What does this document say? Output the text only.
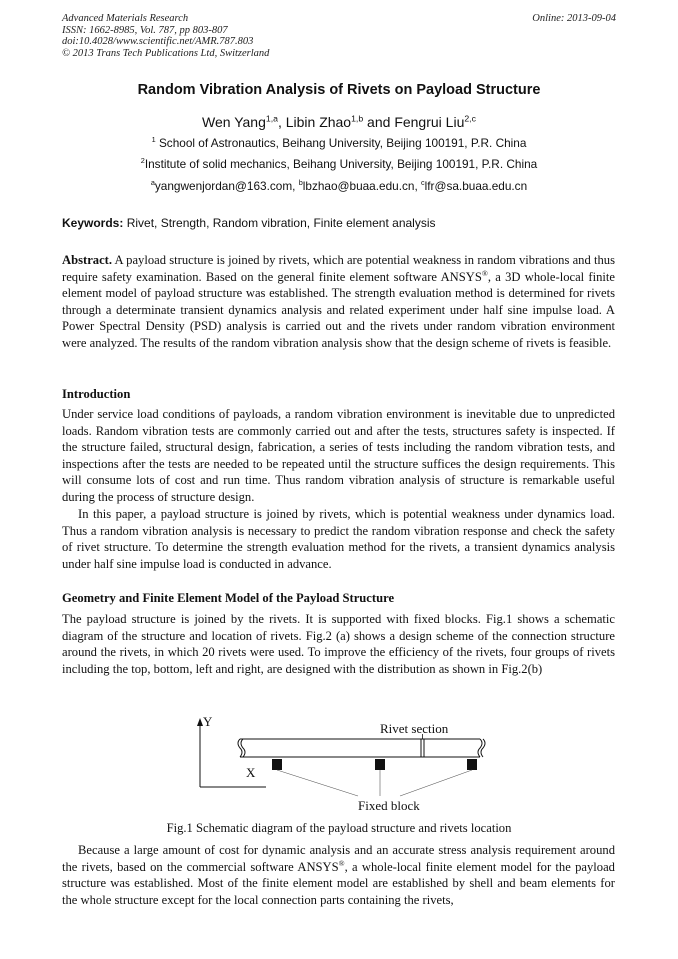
Advanced Materials Research
ISSN: 1662-8985, Vol. 787, pp 803-807
doi:10.4028/www.scientific.net/AMR.787.803
© 2013 Trans Tech Publications Ltd, Switzerland
Online: 2013-09-04
Random Vibration Analysis of Rivets on Payload Structure
Wen Yang$^{1,a}$, Libin Zhao$^{1,b}$ and Fengrui Liu$^{2,c}$
$^1$ School of Astronautics, Beihang University, Beijing 100191, P.R. China
$^2$Institute of solid mechanics, Beihang University, Beijing 100191, P.R. China
$^a$yangwenjordan@163.com, $^b$lbzhao@buaa.edu.cn, $^c$lfr@sa.buaa.edu.cn
Keywords: Rivet, Strength, Random vibration, Finite element analysis
Abstract. A payload structure is joined by rivets, which are potential weakness in random vibrations and thus require safety examination. Based on the general finite element software ANSYS®, a 3D whole-local finite element model of payload structure was established. The strength evaluation method is determined for rivets through a determinate transient dynamics analysis and related experiment under half sine impulse load. A Power Spectral Density (PSD) analysis is carried out and the rivets under random vibration environment were analyzed. The results of the random vibration analysis show that the design scheme of rivets is feasible.
Introduction
Under service load conditions of payloads, a random vibration environment is inevitable due to unpredicted loads. Random vibration tests are commonly carried out and after the tests, structures safety is inspected. If the structure failed, structural design, fabrication, a series of tests including the random vibration tests, and inspections after the tests are needed to be repeated until the structure suffices the design requirements. This will consume lots of cost and run time. Thus random vibration analysis of structure is remarkable useful during the process of structure design.
In this paper, a payload structure is joined by rivets, which is potential weakness under dynamics load. Thus a random vibration analysis is necessary to predict the random vibration response and check the safety of rivet structure. To determine the strength evaluation method for the rivets, a transient dynamics analysis under half sine impulse load is conducted in advance.
Geometry and Finite Element Model of the Payload Structure
The payload structure is joined by the rivets. It is supported with fixed blocks. Fig.1 shows a schematic diagram of the structure and location of rivets. Fig.2 (a) shows a design scheme of the connection structure around the rivets, in which 20 rivets were used. To improve the efficiency of the rivets, four groups of rivets including the top, bottom, left and right, are designed with the distribution as shown in Fig.2(b)
Y
X
Rivet section
Fixed block
Fig.1 Schematic diagram of the payload structure and rivets location
Because a large amount of cost for dynamic analysis and an accurate stress analysis requirement around the rivets, based on the commercial software ANSYS®, a whole-local finite element model for the payload structure was established. Most of the finite element model are established by shell and beam elements for the whole structure except for the local connection parts containing the rivets,
